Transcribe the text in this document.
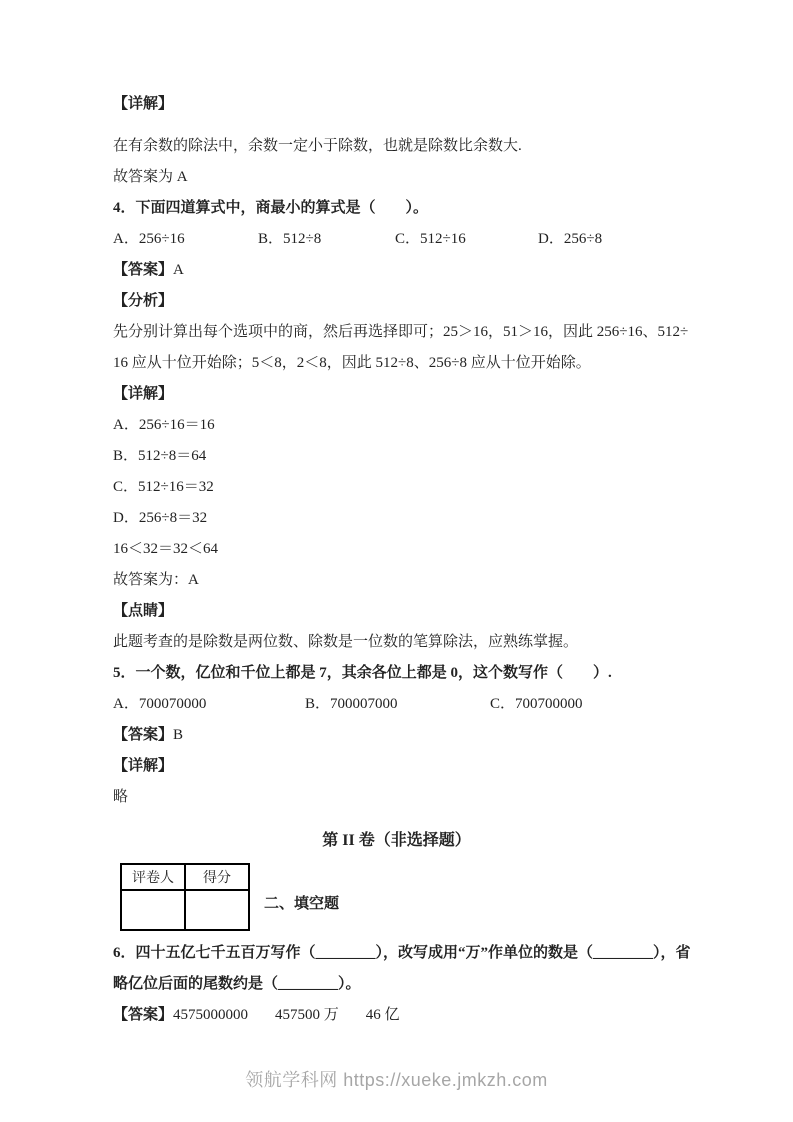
【详解】

在有余数的除法中，余数一定小于除数，也就是除数比余数大.

故答案为 A

4．下面四道算式中，商最小的算式是（　　）。

A．256÷16	B．512÷8	C．512÷16	D．256÷8

【答案】A

【分析】

先分别计算出每个选项中的商，然后再选择即可；25＞16，51＞16，因此 256÷16、512÷

16 应从十位开始除；5＜8，2＜8，因此 512÷8、256÷8 应从十位开始除。

【详解】

A．256÷16＝16

B．512÷8＝64

C．512÷16＝32

D．256÷8＝32

16＜32＝32＜64

故答案为：A

【点睛】

此题考查的是除数是两位数、除数是一位数的笔算除法，应熟练掌握。

5．一个数，亿位和千位上都是 7，其余各位上都是 0，这个数写作（　　）.

A．700070000	B．700007000	C．700700000

【答案】B

【详解】

略

第 II 卷（非选择题）

评卷人	得分

二、填空题

6．四十五亿七千五百万写作（________），改写成用“万”作单位的数是（________），省

略亿位后面的尾数约是（________）。

【答案】4575000000 457500 万 46 亿

领航学科网 https://xueke.jmkzh.com
